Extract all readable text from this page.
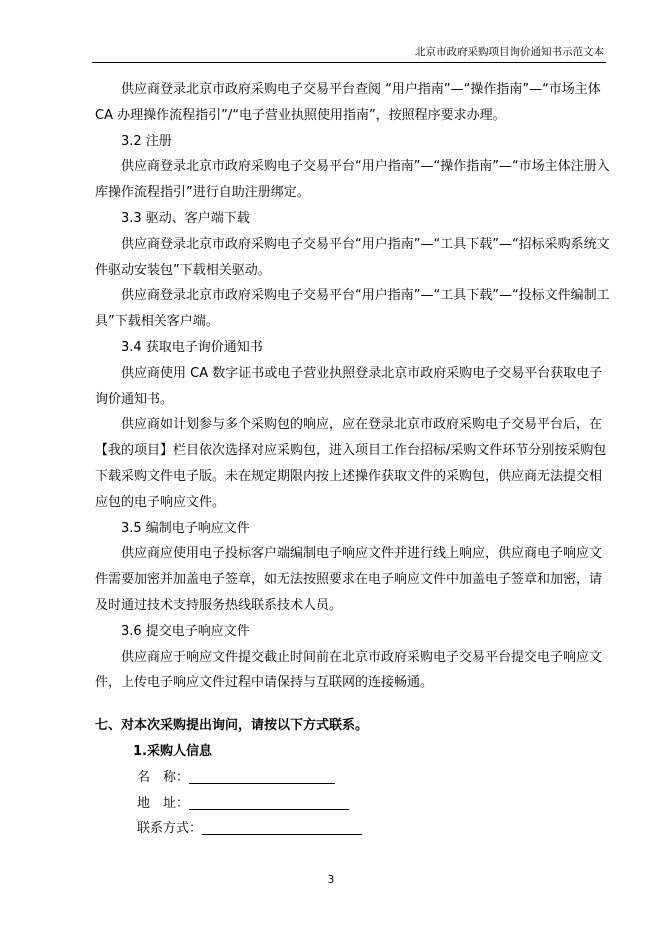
北京市政府采购项目询价通知书示范文本

供应商登录北京市政府采购电子交易平台查阅 “用户指南”—“操作指南”—“市场主体 CA 办理操作流程指引”/“电子营业执照使用指南”，按照程序要求办理。

3.2 注册

供应商登录北京市政府采购电子交易平台“用户指南”—“操作指南”—“市场主体注册入库操作流程指引”进行自助注册绑定。

3.3 驱动、客户端下载

供应商登录北京市政府采购电子交易平台“用户指南”—“工具下载”—“招标采购系统文件驱动安装包”下载相关驱动。

供应商登录北京市政府采购电子交易平台“用户指南”—“工具下载”—“投标文件编制工具”下载相关客户端。

3.4 获取电子询价通知书

供应商使用 CA 数字证书或电子营业执照登录北京市政府采购电子交易平台获取电子询价通知书。

供应商如计划参与多个采购包的响应，应在登录北京市政府采购电子交易平台后，在【我的项目】栏目依次选择对应采购包，进入项目工作台招标/采购文件环节分别按采购包下载采购文件电子版。未在规定期限内按上述操作获取文件的采购包，供应商无法提交相应包的电子响应文件。

3.5 编制电子响应文件

供应商应使用电子投标客户端编制电子响应文件并进行线上响应，供应商电子响应文件需要加密并加盖电子签章，如无法按照要求在电子响应文件中加盖电子签章和加密，请及时通过技术支持服务热线联系技术人员。

3.6 提交电子响应文件

供应商应于响应文件提交截止时间前在北京市政府采购电子交易平台提交电子响应文件，上传电子响应文件过程中请保持与互联网的连接畅通。

七、对本次采购提出询问，请按以下方式联系。

1.采购人信息

名　称：

地　址：

联系方式：

3
